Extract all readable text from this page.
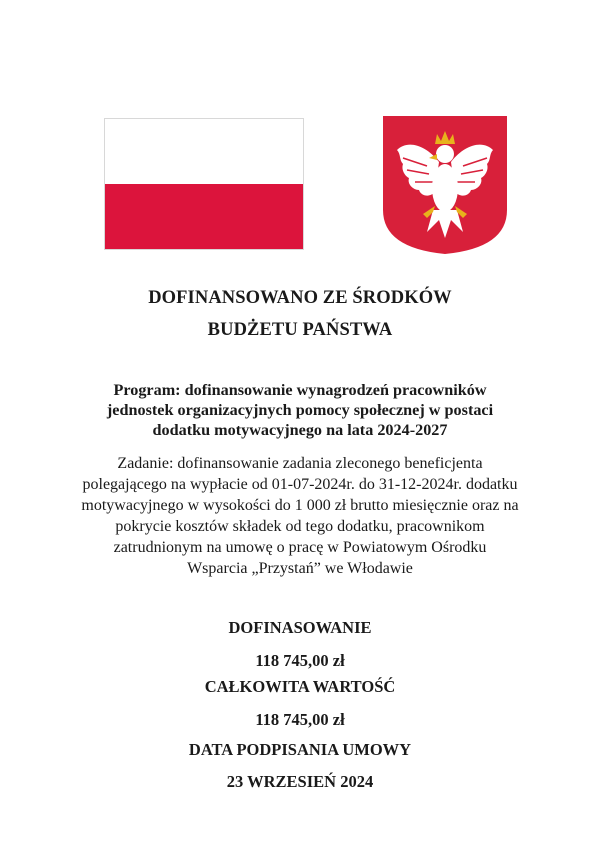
DOFINANSOWANO ZE ŚRODKÓW
BUDŻETU PAŃSTWA
Program: dofinansowanie wynagrodzeń pracowników
jednostek organizacyjnych pomocy społecznej w postaci
dodatku motywacyjnego na lata 2024-2027
Zadanie: dofinansowanie zadania zleconego beneficjenta
polegającego na wypłacie od 01-07-2024r. do 31-12-2024r. dodatku
motywacyjnego w wysokości do 1 000 zł brutto miesięcznie oraz na
pokrycie kosztów składek od tego dodatku, pracownikom
zatrudnionym na umowę o pracę w Powiatowym Ośrodku
Wsparcia „Przystań” we Włodawie
DOFINASOWANIE
118 745,00 zł
CAŁKOWITA WARTOŚĆ
118 745,00 zł
DATA PODPISANIA UMOWY
23 WRZESIEŃ 2024
